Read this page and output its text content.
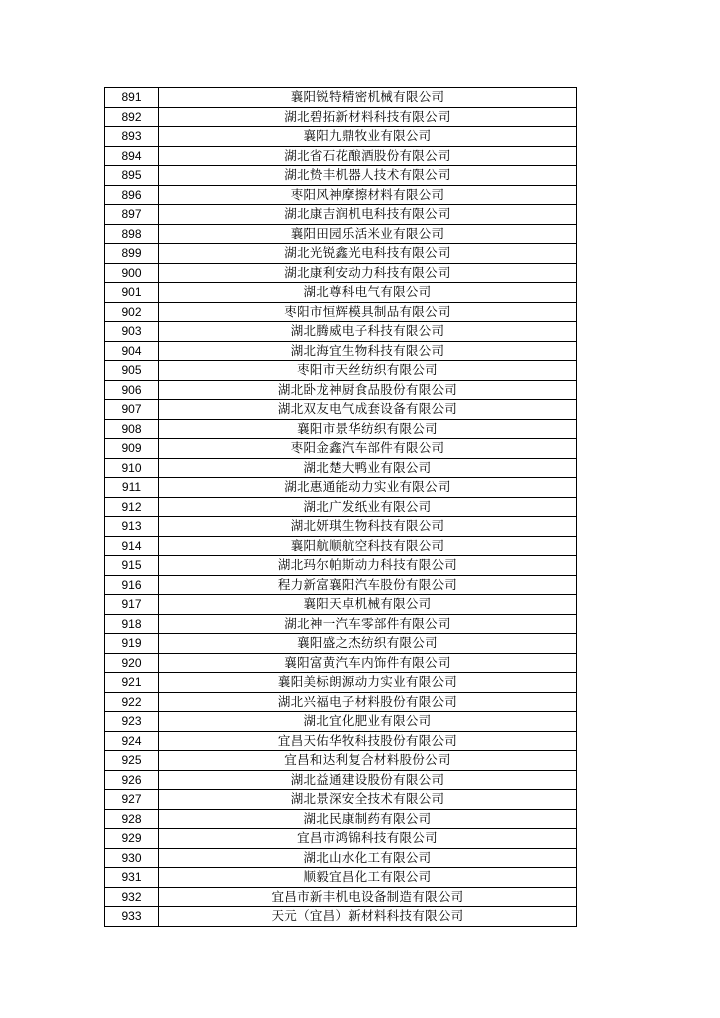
891	襄阳锐特精密机械有限公司
892	湖北碧拓新材料科技有限公司
893	襄阳九鼎牧业有限公司
894	湖北省石花酿酒股份有限公司
895	湖北贽丰机器人技术有限公司
896	枣阳风神摩擦材料有限公司
897	湖北康吉润机电科技有限公司
898	襄阳田园乐活米业有限公司
899	湖北光锐鑫光电科技有限公司
900	湖北康利安动力科技有限公司
901	湖北尊科电气有限公司
902	枣阳市恒辉模具制品有限公司
903	湖北腾威电子科技有限公司
904	湖北海宜生物科技有限公司
905	枣阳市天丝纺织有限公司
906	湖北卧龙神厨食品股份有限公司
907	湖北双友电气成套设备有限公司
908	襄阳市景华纺织有限公司
909	枣阳金鑫汽车部件有限公司
910	湖北楚大鸭业有限公司
911	湖北惠通能动力实业有限公司
912	湖北广发纸业有限公司
913	湖北妍琪生物科技有限公司
914	襄阳航顺航空科技有限公司
915	湖北玛尔帕斯动力科技有限公司
916	程力新富襄阳汽车股份有限公司
917	襄阳天卓机械有限公司
918	湖北神一汽车零部件有限公司
919	襄阳盛之杰纺织有限公司
920	襄阳富黄汽车内饰件有限公司
921	襄阳美标朗源动力实业有限公司
922	湖北兴福电子材料股份有限公司
923	湖北宜化肥业有限公司
924	宜昌天佑华牧科技股份有限公司
925	宜昌和达利复合材料股份公司
926	湖北益通建设股份有限公司
927	湖北景深安全技术有限公司
928	湖北民康制药有限公司
929	宜昌市鸿锦科技有限公司
930	湖北山水化工有限公司
931	顺毅宜昌化工有限公司
932	宜昌市新丰机电设备制造有限公司
933	天元（宜昌）新材料科技有限公司
